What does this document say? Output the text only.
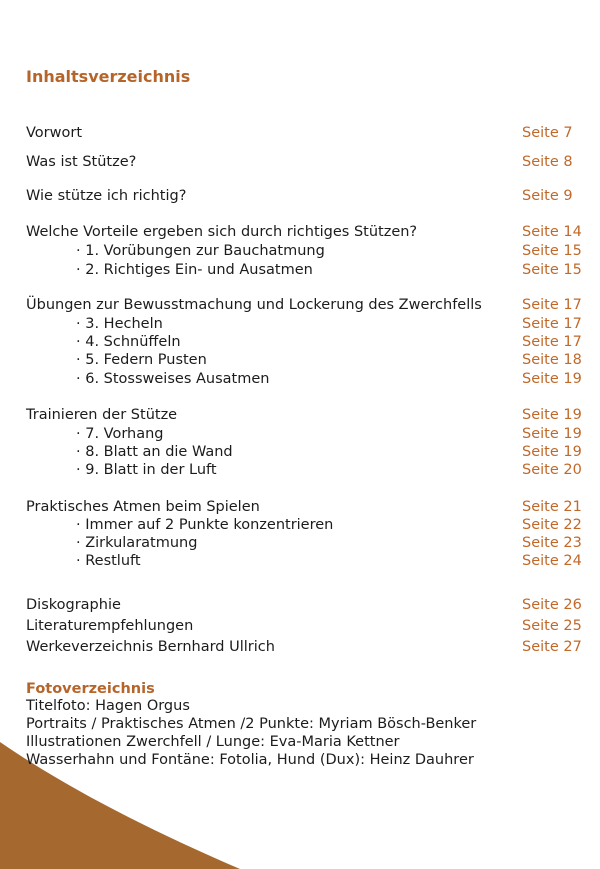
Inhaltsverzeichnis
Vorwort	Seite 7
Was ist Stütze?	Seite 8
Wie stütze ich richtig?	Seite 9
Welche Vorteile ergeben sich durch richtiges Stützen?	Seite 14
· 1. Vorübungen zur Bauchatmung	Seite 15
· 2. Richtiges Ein- und Ausatmen	Seite 15
Übungen zur Bewusstmachung und Lockerung des Zwerchfells	Seite 17
· 3. Hecheln	Seite 17
· 4. Schnüffeln	Seite 17
· 5. Federn Pusten	Seite 18
· 6. Stossweises Ausatmen	Seite 19
Trainieren der Stütze	Seite 19
· 7. Vorhang	Seite 19
· 8. Blatt an die Wand	Seite 19
· 9. Blatt in der Luft	Seite 20
Praktisches Atmen beim Spielen	Seite 21
· Immer auf 2 Punkte konzentrieren	Seite 22
· Zirkularatmung	Seite 23
· Restluft	Seite 24
Diskographie	Seite 26
Literaturempfehlungen	Seite 25
Werkeverzeichnis Bernhard Ullrich	Seite 27
Fotoverzeichnis
Titelfoto: Hagen Orgus
Portraits / Praktisches Atmen /2 Punkte: Myriam Bösch-Benker
Illustrationen Zwerchfell / Lunge: Eva-Maria Kettner
Wasserhahn und Fontäne: Fotolia, Hund (Dux): Heinz Dauhrer
